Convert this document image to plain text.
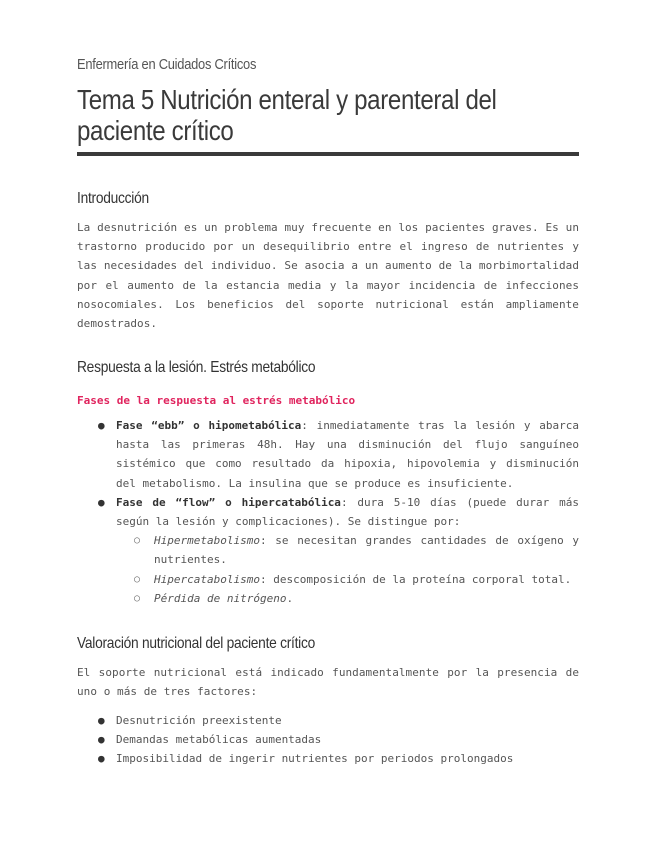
Enfermería en Cuidados Críticos
Tema 5 Nutrición enteral y parenteral del paciente crítico
Introducción

La desnutrición es un problema muy frecuente en los pacientes graves. Es un trastorno producido por un desequilibrio entre el ingreso de nutrientes y las necesidades del individuo. Se asocia a un aumento de la morbimortalidad por el aumento de la estancia media y la mayor incidencia de infecciones nosocomiales. Los beneficios del soporte nutricional están ampliamente demostrados.

Respuesta a la lesión. Estrés metabólico

Fases de la respuesta al estrés metabólico

● Fase “ebb” o hipometabólica: inmediatamente tras la lesión y abarca hasta las primeras 48h. Hay una disminución del flujo sanguíneo sistémico que como resultado da hipoxia, hipovolemia y disminución del metabolismo. La insulina que se produce es insuficiente.
● Fase de “flow” o hipercatabólica: dura 5-10 días (puede durar más según la lesión y complicaciones). Se distingue por:
○ Hipermetabolismo: se necesitan grandes cantidades de oxígeno y nutrientes.
○ Hipercatabolismo: descomposición de la proteína corporal total.
○ Pérdida de nitrógeno.
Valoración nutricional del paciente crítico

El soporte nutricional está indicado fundamentalmente por la presencia de uno o más de tres factores:

● Desnutrición preexistente
● Demandas metabólicas aumentadas
● Imposibilidad de ingerir nutrientes por periodos prolongados
